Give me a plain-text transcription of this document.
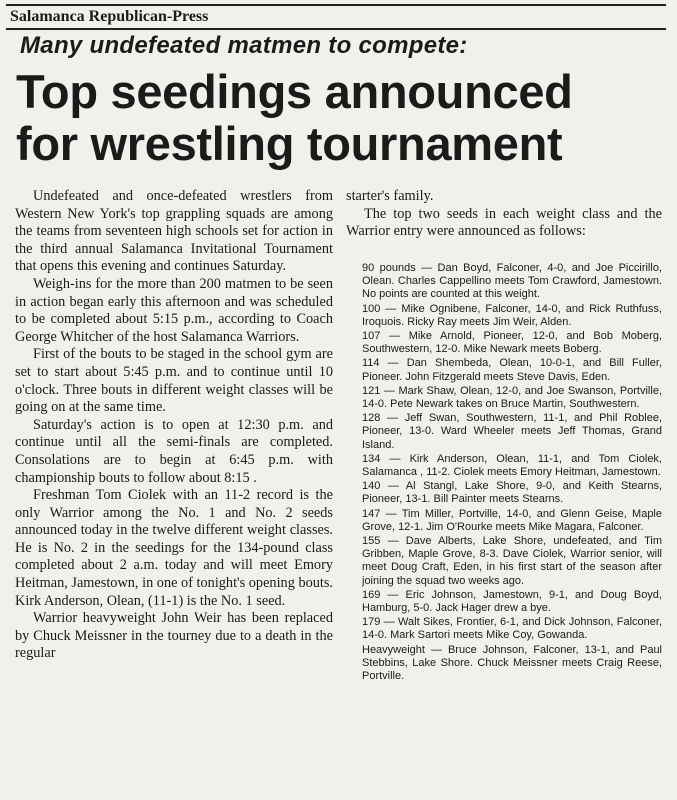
Salamanca Republican-Press
Many undefeated matmen to compete:
Top seedings announced
for wrestling tournament

Undefeated and once-defeated wrestlers from Western New York's top grappling squads are among the teams from seventeen high schools set for action in the third annual Salamanca Invitational Tournament that opens this evening and continues Saturday.

Weigh-ins for the more than 200 matmen to be seen in action began early this afternoon and was scheduled to be completed about 5:15 p.m., according to Coach George Whitcher of the host Salamanca Warriors.

First of the bouts to be staged in the school gym are set to start about 5:45 p.m. and to continue until 10 o'clock. Three bouts in different weight classes will be going on at the same time.

Saturday's action is to open at 12:30 p.m. and continue until all the semi-finals are completed. Consolations are to begin at 6:45 p.m. with championship bouts to follow about 8:15 .

Freshman Tom Ciolek with an 11-2 record is the only Warrior among the No. 1 and No. 2 seeds announced today in the twelve different weight classes. He is No. 2 in the seedings for the 134-pound class completed about 2 a.m. today and will meet Emory Heitman, Jamestown, in one of tonight's opening bouts. Kirk Anderson, Olean, (11-1) is the No. 1 seed.

Warrior heavyweight John Weir has been replaced by Chuck Meissner in the tourney due to a death in the regular

starter's family.

The top two seeds in each weight class and the Warrior entry were announced as follows:

90 pounds — Dan Boyd, Falconer, 4-0, and Joe Piccirillo, Olean. Charles Cappellino meets Tom Crawford, Jamestown. No points are counted at this weight.

100 — Mike Ognibene, Falconer, 14-0, and Rick Ruthfuss, Iroquois. Ricky Ray meets Jim Weir, Alden.

107 — Mike Arnold, Pioneer, 12-0, and Bob Moberg, Southwestern, 12-0. Mike Newark meets Boberg.

114 — Dan Shembeda, Olean, 10-0-1, and Bill Fuller, Pioneer. John Fitzgerald meets Steve Davis, Eden.

121 — Mark Shaw, Olean, 12-0, and Joe Swanson, Portville, 14-0. Pete Newark takes on Bruce Martin, Southwestern.

128 — Jeff Swan, Southwestern, 11-1, and Phil Roblee, Pioneer, 13-0. Ward Wheeler meets Jeff Thomas, Grand Island.

134 — Kirk Anderson, Olean, 11-1, and Tom Ciolek, Salamanca , 11-2. Ciolek meets Emory Heitman, Jamestown.

140 — Al Stangl, Lake Shore, 9-0, and Keith Stearns, Pioneer, 13-1. Bill Painter meets Stearns.

147 — Tim Miller, Portville, 14-0, and Glenn Geise, Maple Grove, 12-1. Jim O'Rourke meets Mike Magara, Falconer.

155 — Dave Alberts, Lake Shore, undefeated, and Tim Gribben, Maple Grove, 8-3. Dave Ciolek, Warrior senior, will meet Doug Craft, Eden, in his first start of the season after joining the squad two weeks ago.

169 — Eric Johnson, Jamestown, 9-1, and Doug Boyd, Hamburg, 5-0. Jack Hager drew a bye.

179 — Walt Sikes, Frontier, 6-1, and Dick Johnson, Falconer, 14-0. Mark Sartori meets Mike Coy, Gowanda.

Heavyweight — Bruce Johnson, Falconer, 13-1, and Paul Stebbins, Lake Shore. Chuck Meissner meets Craig Reese, Portville.
